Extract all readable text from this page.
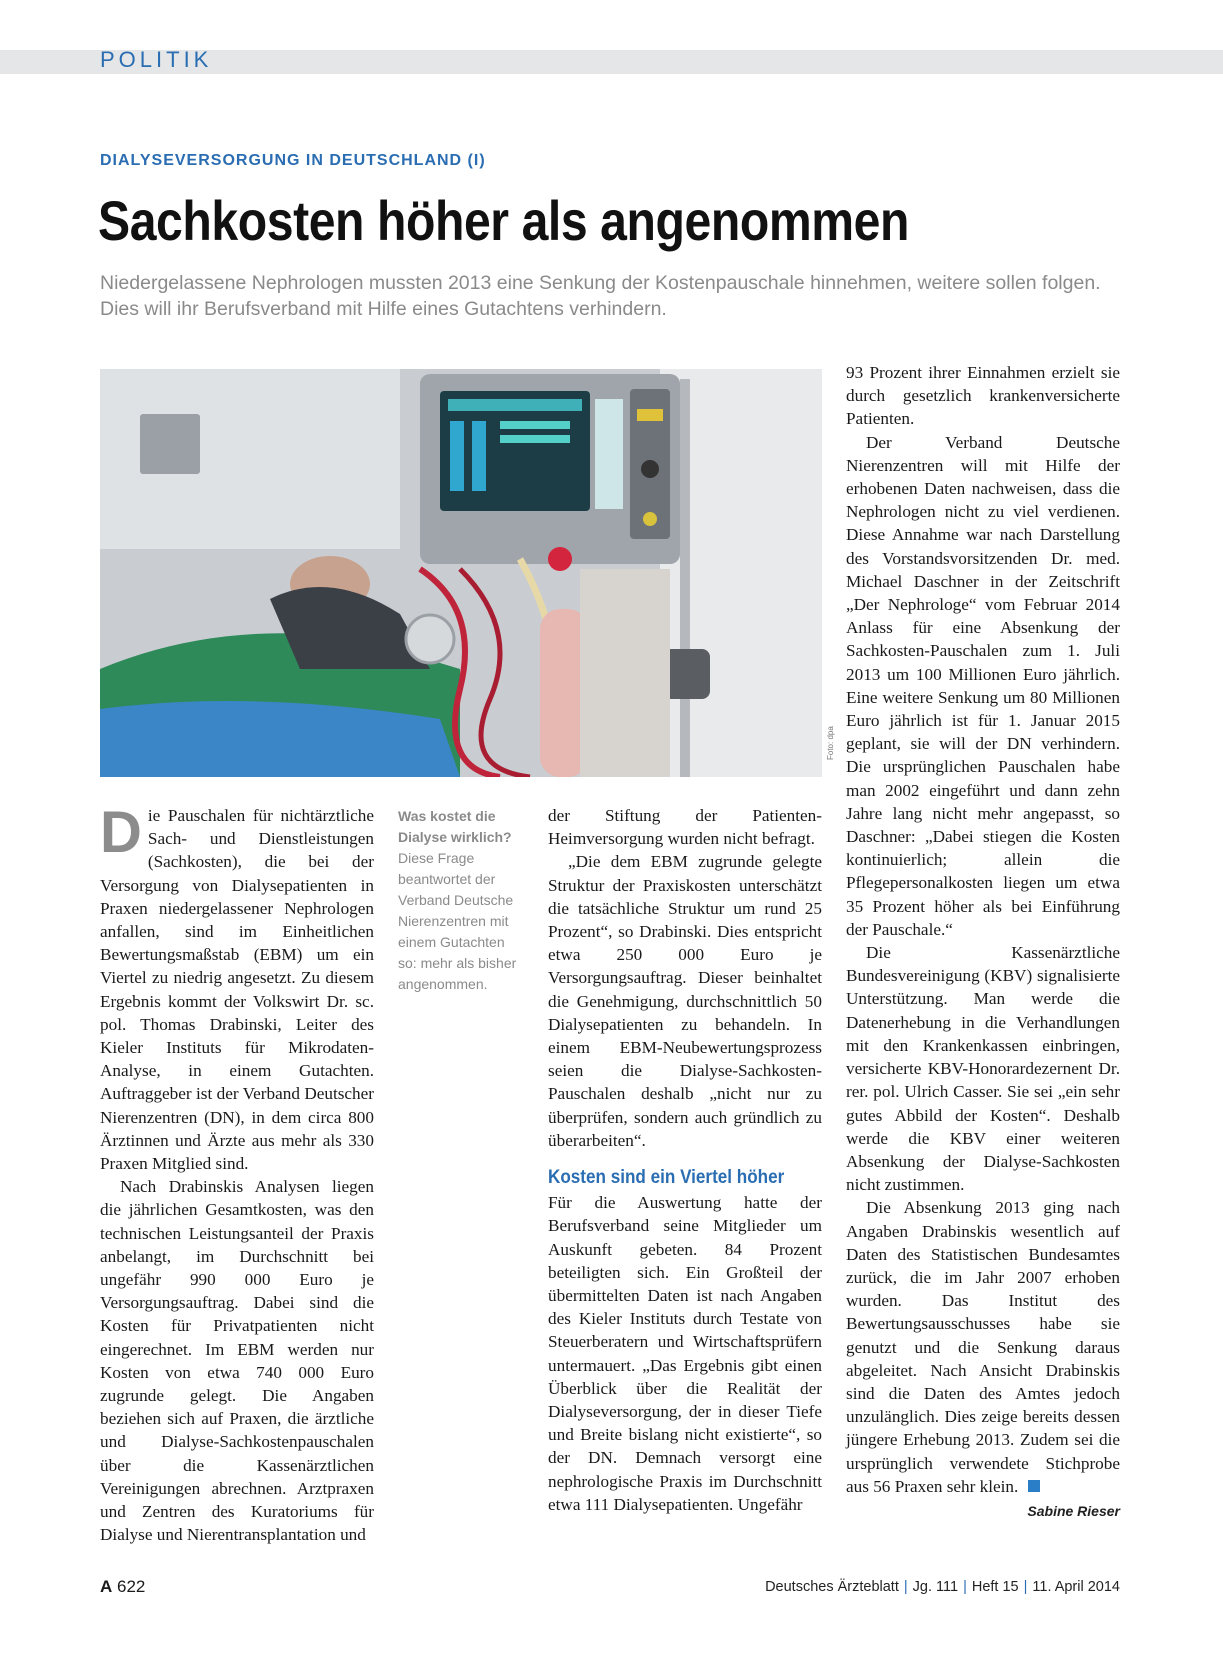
POLITIK
DIALYSEVERSORGUNG IN DEUTSCHLAND (I)
Sachkosten höher als angenommen
Niedergelassene Nephrologen mussten 2013 eine Senkung der Kostenpauschale hinnehmen, weitere sollen folgen. Dies will ihr Berufsverband mit Hilfe eines Gutachtens verhindern.
Foto: dpa

Die Pauschalen für nichtärztliche Sach- und Dienstleistungen (Sachkosten), die bei der Versorgung von Dialysepatienten in Praxen niedergelassener Nephrologen anfallen, sind im Einheitlichen Bewertungsmaßstab (EBM) um ein Viertel zu niedrig angesetzt. Zu diesem Ergebnis kommt der Volkswirt Dr. sc. pol. Thomas Drabinski, Leiter des Kieler Instituts für Mikrodaten-Analyse, in einem Gutachten. Auftraggeber ist der Verband Deutscher Nierenzentren (DN), in dem circa 800 Ärztinnen und Ärzte aus mehr als 330 Praxen Mitglied sind.

Nach Drabinskis Analysen liegen die jährlichen Gesamtkosten, was den technischen Leistungsanteil der Praxis anbelangt, im Durchschnitt bei ungefähr 990 000 Euro je Versorgungsauftrag. Dabei sind die Kosten für Privatpatienten nicht eingerechnet. Im EBM werden nur Kosten von etwa 740 000 Euro zugrunde gelegt. Die Angaben beziehen sich auf Praxen, die ärztliche und Dialyse-Sachkostenpauschalen über die Kassenärztlichen Vereinigungen abrechnen. Arztpraxen und Zentren des Kuratoriums für Dialyse und Nierentransplantation und

Was kostet die Dialyse wirklich?
Diese Frage beantwortet der Verband Deutsche Nierenzentren mit einem Gutachten so: mehr als bisher angenommen.

der Stiftung der Patienten-Heimversorgung wurden nicht befragt.

„Die dem EBM zugrunde gelegte Struktur der Praxiskosten unterschätzt die tatsächliche Struktur um rund 25 Prozent“, so Drabinski. Dies entspricht etwa 250 000 Euro je Versorgungsauftrag. Dieser beinhaltet die Genehmigung, durchschnittlich 50 Dialysepatienten zu behandeln. In einem EBM-Neubewertungsprozess seien die Dialyse-Sachkosten-Pauschalen deshalb „nicht nur zu überprüfen, sondern auch gründlich zu überarbeiten“.

Kosten sind ein Viertel höher

Für die Auswertung hatte der Berufsverband seine Mitglieder um Auskunft gebeten. 84 Prozent beteiligten sich. Ein Großteil der übermittelten Daten ist nach Angaben des Kieler Instituts durch Testate von Steuerberatern und Wirtschaftsprüfern untermauert. „Das Ergebnis gibt einen Überblick über die Realität der Dialyseversorgung, der in dieser Tiefe und Breite bislang nicht existierte“, so der DN. Demnach versorgt eine nephrologische Praxis im Durchschnitt etwa 111 Dialysepatienten. Ungefähr

93 Prozent ihrer Einnahmen erzielt sie durch gesetzlich krankenversicherte Patienten.

Der Verband Deutsche Nierenzentren will mit Hilfe der erhobenen Daten nachweisen, dass die Nephrologen nicht zu viel verdienen. Diese Annahme war nach Darstellung des Vorstandsvorsitzenden Dr. med. Michael Daschner in der Zeitschrift „Der Nephrologe“ vom Februar 2014 Anlass für eine Absenkung der Sachkosten-Pauschalen zum 1. Juli 2013 um 100 Millionen Euro jährlich. Eine weitere Senkung um 80 Millionen Euro jährlich ist für 1. Januar 2015 geplant, sie will der DN verhindern. Die ursprünglichen Pauschalen habe man 2002 eingeführt und dann zehn Jahre lang nicht mehr angepasst, so Daschner: „Dabei stiegen die Kosten kontinuierlich; allein die Pflegepersonalkosten liegen um etwa 35 Prozent höher als bei Einführung der Pauschale.“

Die Kassenärztliche Bundesvereinigung (KBV) signalisierte Unterstützung. Man werde die Datenerhebung in die Verhandlungen mit den Krankenkassen einbringen, versicherte KBV-Honorardezernent Dr. rer. pol. Ulrich Casser. Sie sei „ein sehr gutes Abbild der Kosten“. Deshalb werde die KBV einer weiteren Absenkung der Dialyse-Sachkosten nicht zustimmen.

Die Absenkung 2013 ging nach Angaben Drabinskis wesentlich auf Daten des Statistischen Bundesamtes zurück, die im Jahr 2007 erhoben wurden. Das Institut des Bewertungsausschusses habe sie genutzt und die Senkung daraus abgeleitet. Nach Ansicht Drabinskis sind die Daten des Amtes jedoch unzulänglich. Dies zeige bereits dessen jüngere Erhebung 2013. Zudem sei die ursprünglich verwendete Stichprobe aus 56 Praxen sehr klein.

Sabine Rieser
A 622	Deutsches Ärzteblatt | Jg. 111 | Heft 15 | 11. April 2014
